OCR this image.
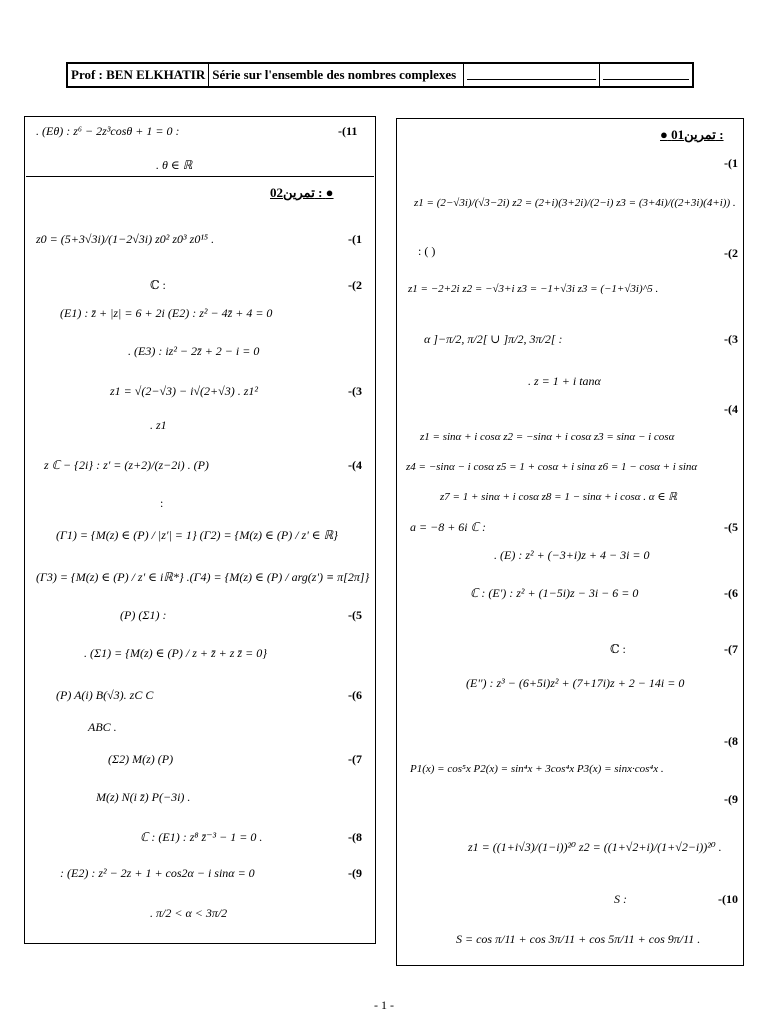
Prof : BEN ELKHATIR Série sur l'ensemble des nombres complexes
-(11
. (Eθ) : z⁶ − 2z³cosθ + 1 = 0 :
. θ ∈ ℝ
تمرين02 : ●
-(1
z0 = (5+3√3i)/(1−2√3i) z0² z0³ z0¹⁵ .
-(2
ℂ :
(E1) : z̄ + |z| = 6 + 2i (E2) : z² − 4z̄ + 4 = 0
. (E3) : iz² − 2z̄ + 2 − i = 0
-(3
z1 = √(2−√3) − i√(2+√3) . z1²
. z1
-(4
z ℂ − {2i} : z' = (z+2)/(z−2i) . (P)
:
(Γ1) = {M(z) ∈ (P) / |z'| = 1} (Γ2) = {M(z) ∈ (P) / z' ∈ ℝ}
(Γ3) = {M(z) ∈ (P) / z' ∈ iℝ*} .(Γ4) = {M(z) ∈ (P) / arg(z') ≡ π[2π]}
-(5
(P) (Σ1) :
. (Σ1) = {M(z) ∈ (P) / z + z̄ + z z̄ = 0}
-(6
(P) A(i) B(√3). zC C
ABC .
-(7
(Σ2) M(z) (P)
M(z) N(i z̄) P(−3i) .
-(8
ℂ : (E1) : z⁸ z̄⁻³ − 1 = 0 .
-(9
: (E2) : z² − 2z + 1 + cos2α − i sinα = 0
. π/2 < α < 3π/2
● تمرين01 :
-(1
z1 = (2−√3i)/(√3−2i) z2 = (2+i)(3+2i)/(2−i) z3 = (3+4i)/((2+3i)(4+i)) .
-(2
: ( )
z1 = −2+2i z2 = −√3+i z3 = −1+√3i z3 = (−1+√3i)^5 .
-(3
α ]−π/2, π/2[ ∪ ]π/2, 3π/2[ :
. z = 1 + i tanα
-(4
z1 = sinα + i cosα z2 = −sinα + i cosα z3 = sinα − i cosα
z4 = −sinα − i cosα z5 = 1 + cosα + i sinα z6 = 1 − cosα + i sinα
z7 = 1 + sinα + i cosα z8 = 1 − sinα + i cosα . α ∈ ℝ
-(5
a = −8 + 6i ℂ :
. (E) : z² + (−3+i)z + 4 − 3i = 0
-(6
ℂ : (E') : z² + (1−5i)z − 3i − 6 = 0
-(7
ℂ :
(E'') : z³ − (6+5i)z² + (7+17i)z + 2 − 14i = 0
-(8
P1(x) = cos⁵x P2(x) = sin⁴x + 3cos⁴x P3(x) = sinx·cos⁴x .
-(9
z1 = ((1+i√3)/(1−i))²⁰ z2 = ((1+√2+i)/(1+√2−i))²⁰ .
-(10
S :
S = cos π/11 + cos 3π/11 + cos 5π/11 + cos 9π/11 .
- 1 -
